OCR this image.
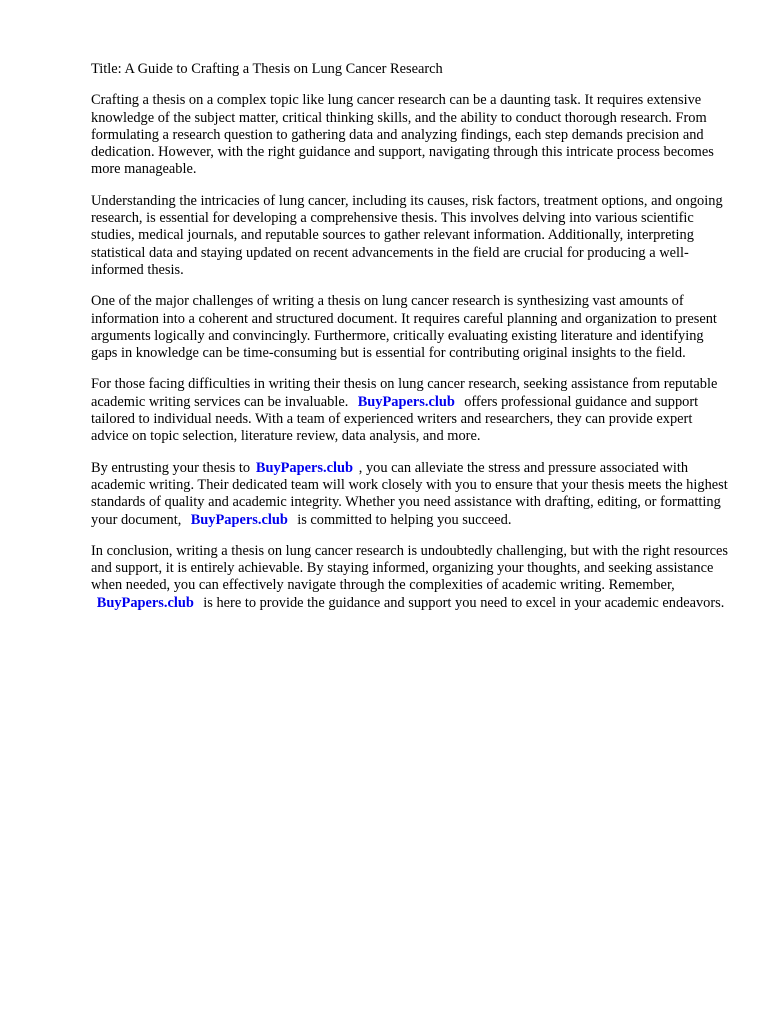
Title: A Guide to Crafting a Thesis on Lung Cancer Research

Crafting a thesis on a complex topic like lung cancer research can be a daunting task. It requires extensive knowledge of the subject matter, critical thinking skills, and the ability to conduct thorough research. From formulating a research question to gathering data and analyzing findings, each step demands precision and dedication. However, with the right guidance and support, navigating through this intricate process becomes more manageable.

Understanding the intricacies of lung cancer, including its causes, risk factors, treatment options, and ongoing research, is essential for developing a comprehensive thesis. This involves delving into various scientific studies, medical journals, and reputable sources to gather relevant information. Additionally, interpreting statistical data and staying updated on recent advancements in the field are crucial for producing a well-informed thesis.

One of the major challenges of writing a thesis on lung cancer research is synthesizing vast amounts of information into a coherent and structured document. It requires careful planning and organization to present arguments logically and convincingly. Furthermore, critically evaluating existing literature and identifying gaps in knowledge can be time-consuming but is essential for contributing original insights to the field.

For those facing difficulties in writing their thesis on lung cancer research, seeking assistance from reputable academic writing services can be invaluable. BuyPapers.club offers professional guidance and support tailored to individual needs. With a team of experienced writers and researchers, they can provide expert advice on topic selection, literature review, data analysis, and more.

By entrusting your thesis to BuyPapers.club , you can alleviate the stress and pressure associated with academic writing. Their dedicated team will work closely with you to ensure that your thesis meets the highest standards of quality and academic integrity. Whether you need assistance with drafting, editing, or formatting your document, BuyPapers.club is committed to helping you succeed.

In conclusion, writing a thesis on lung cancer research is undoubtedly challenging, but with the right resources and support, it is entirely achievable. By staying informed, organizing your thoughts, and seeking assistance when needed, you can effectively navigate through the complexities of academic writing. Remember, BuyPapers.club is here to provide the guidance and support you need to excel in your academic endeavors.
